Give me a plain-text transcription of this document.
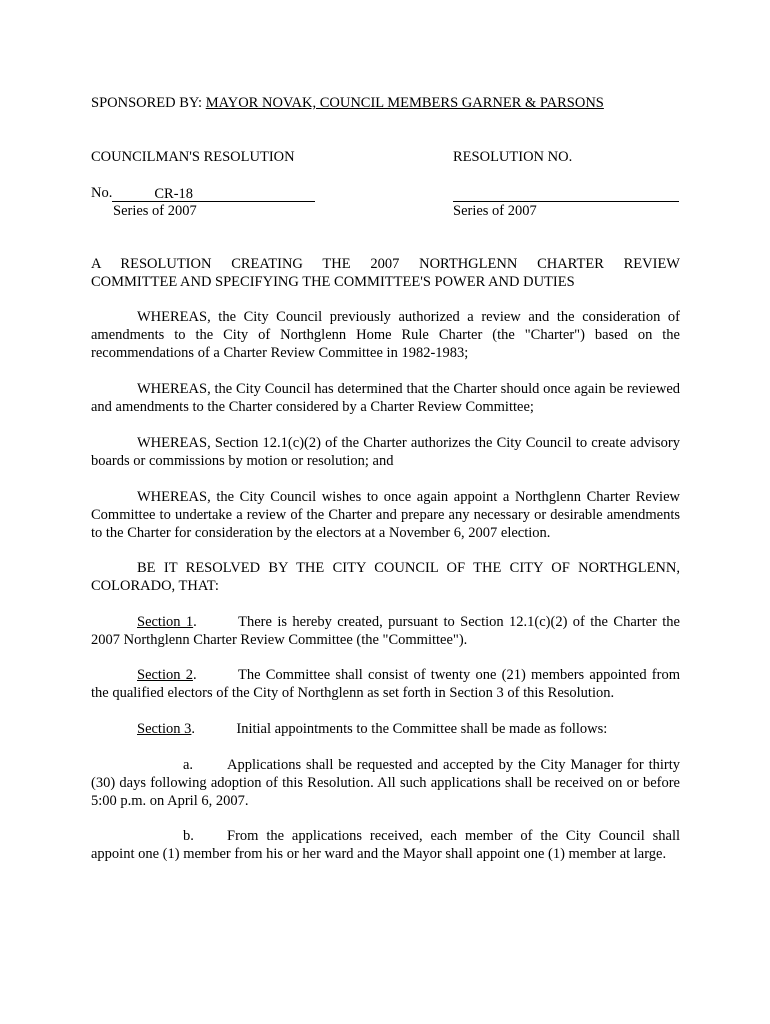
SPONSORED BY: MAYOR NOVAK, COUNCIL MEMBERS GARNER & PARSONS
COUNCILMAN'S RESOLUTION	RESOLUTION NO.
No.	CR-18
Series of 2007	Series of 2007
A RESOLUTION CREATING THE 2007 NORTHGLENN CHARTER REVIEW
COMMITTEE AND SPECIFYING THE COMMITTEE'S POWER AND DUTIES
WHEREAS, the City Council previously authorized a review and the consideration of amendments to the City of Northglenn Home Rule Charter (the "Charter") based on the recommendations of a Charter Review Committee in 1982-1983;
WHEREAS, the City Council has determined that the Charter should once again be reviewed and amendments to the Charter considered by a Charter Review Committee;
WHEREAS, Section 12.1(c)(2) of the Charter authorizes the City Council to create advisory boards or commissions by motion or resolution; and
WHEREAS, the City Council wishes to once again appoint a Northglenn Charter Review Committee to undertake a review of the Charter and prepare any necessary or desirable amendments to the Charter for consideration by the electors at a November 6, 2007 election.
BE IT RESOLVED BY THE CITY COUNCIL OF THE CITY OF NORTHGLENN, COLORADO, THAT:
Section 1.	There is hereby created, pursuant to Section 12.1(c)(2) of the Charter the 2007 Northglenn Charter Review Committee (the "Committee").
Section 2.	The Committee shall consist of twenty one (21) members appointed from the qualified electors of the City of Northglenn as set forth in Section 3 of this Resolution.
Section 3.	Initial appointments to the Committee shall be made as follows:
a. Applications shall be requested and accepted by the City Manager for thirty (30) days following adoption of this Resolution. All such applications shall be received on or before 5:00 p.m. on April 6, 2007.
b. From the applications received, each member of the City Council shall appoint one (1) member from his or her ward and the Mayor shall appoint one (1) member at large.
